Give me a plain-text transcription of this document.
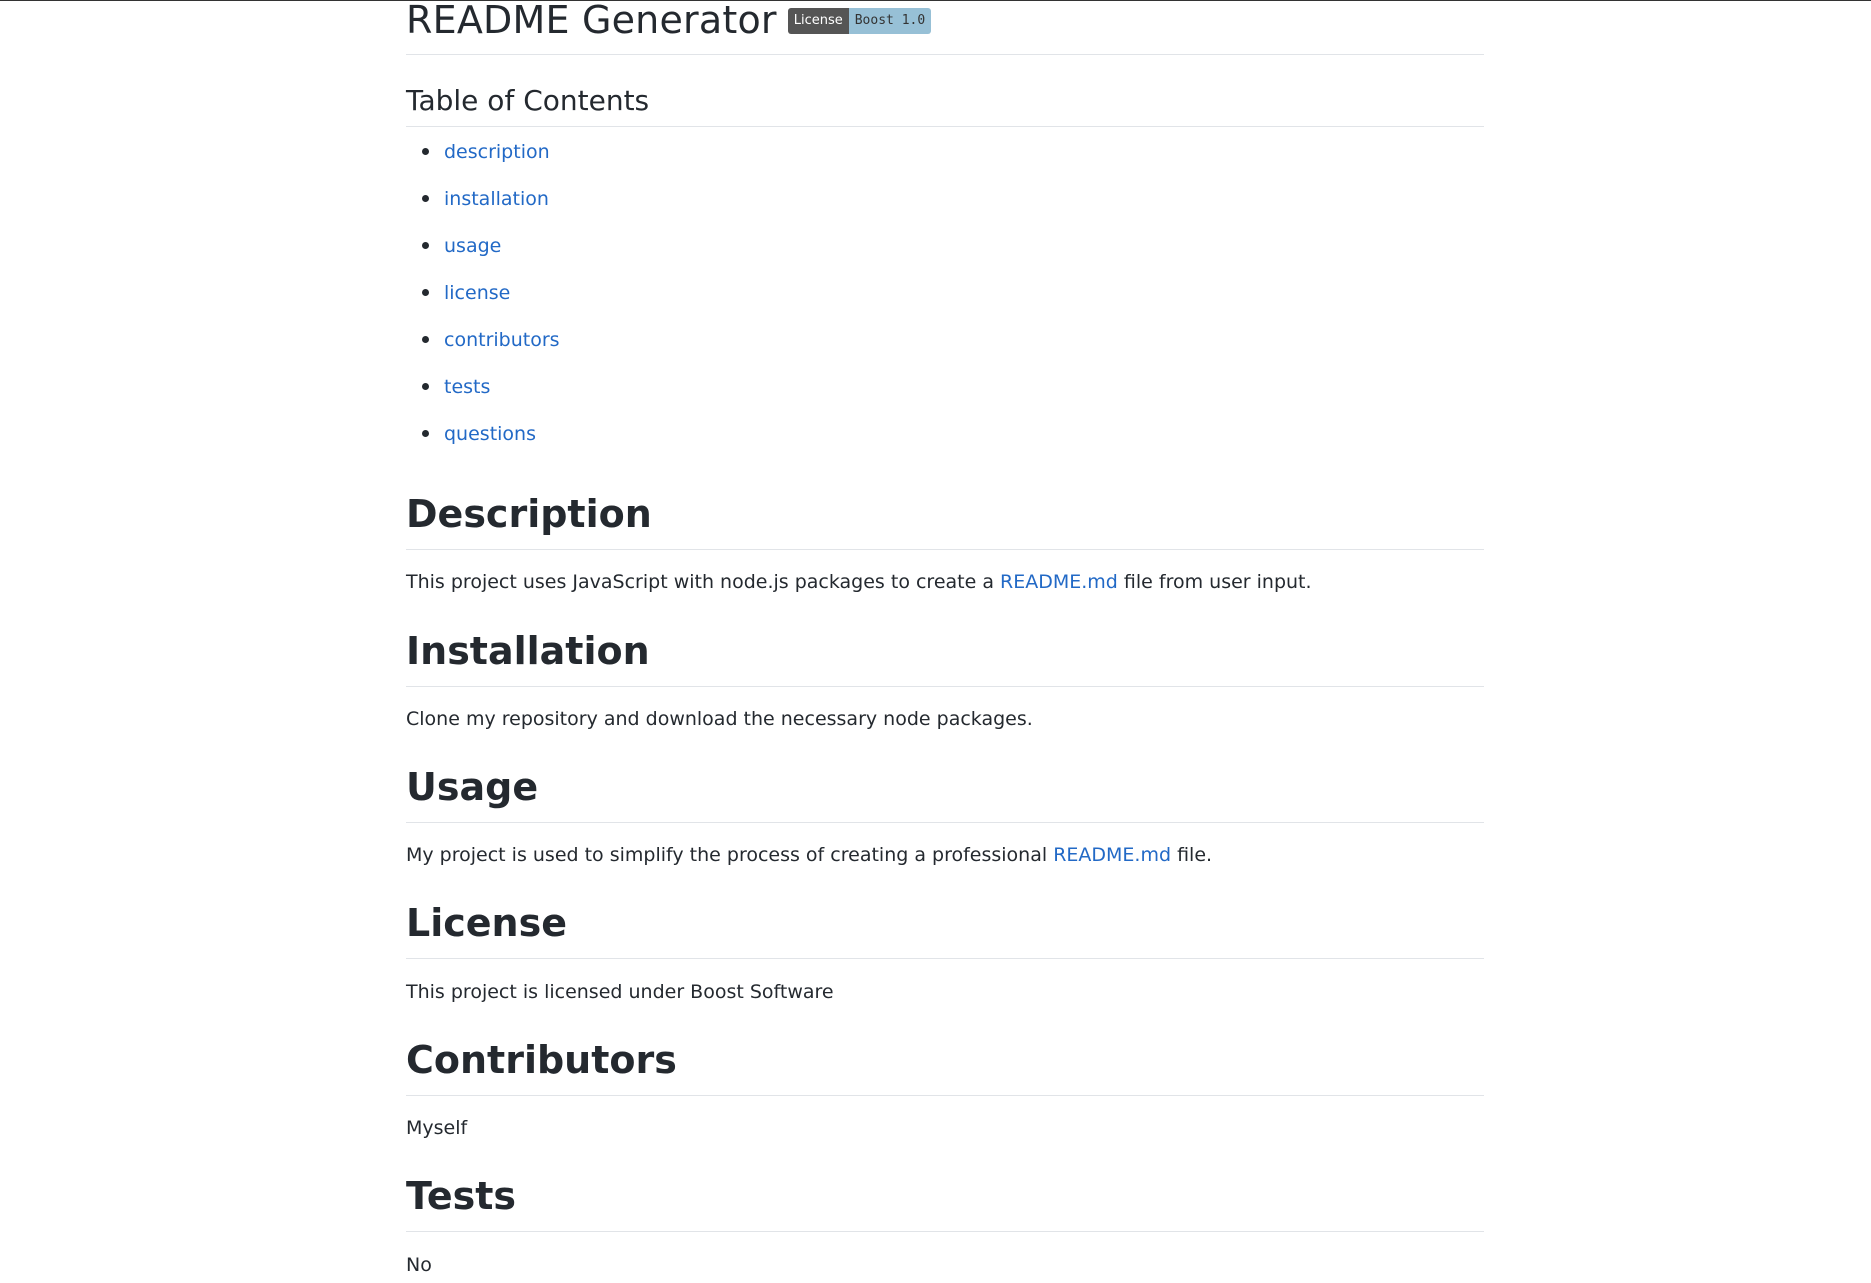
README Generator	License Boost 1.0
Table of Contents
description
installation
usage
license
contributors
tests
questions
Description
This project uses JavaScript with node.js packages to create a README.md file from user input.
Installation
Clone my repository and download the necessary node packages.
Usage
My project is used to simplify the process of creating a professional README.md file.
License
This project is licensed under Boost Software
Contributors
Myself
Tests
No
